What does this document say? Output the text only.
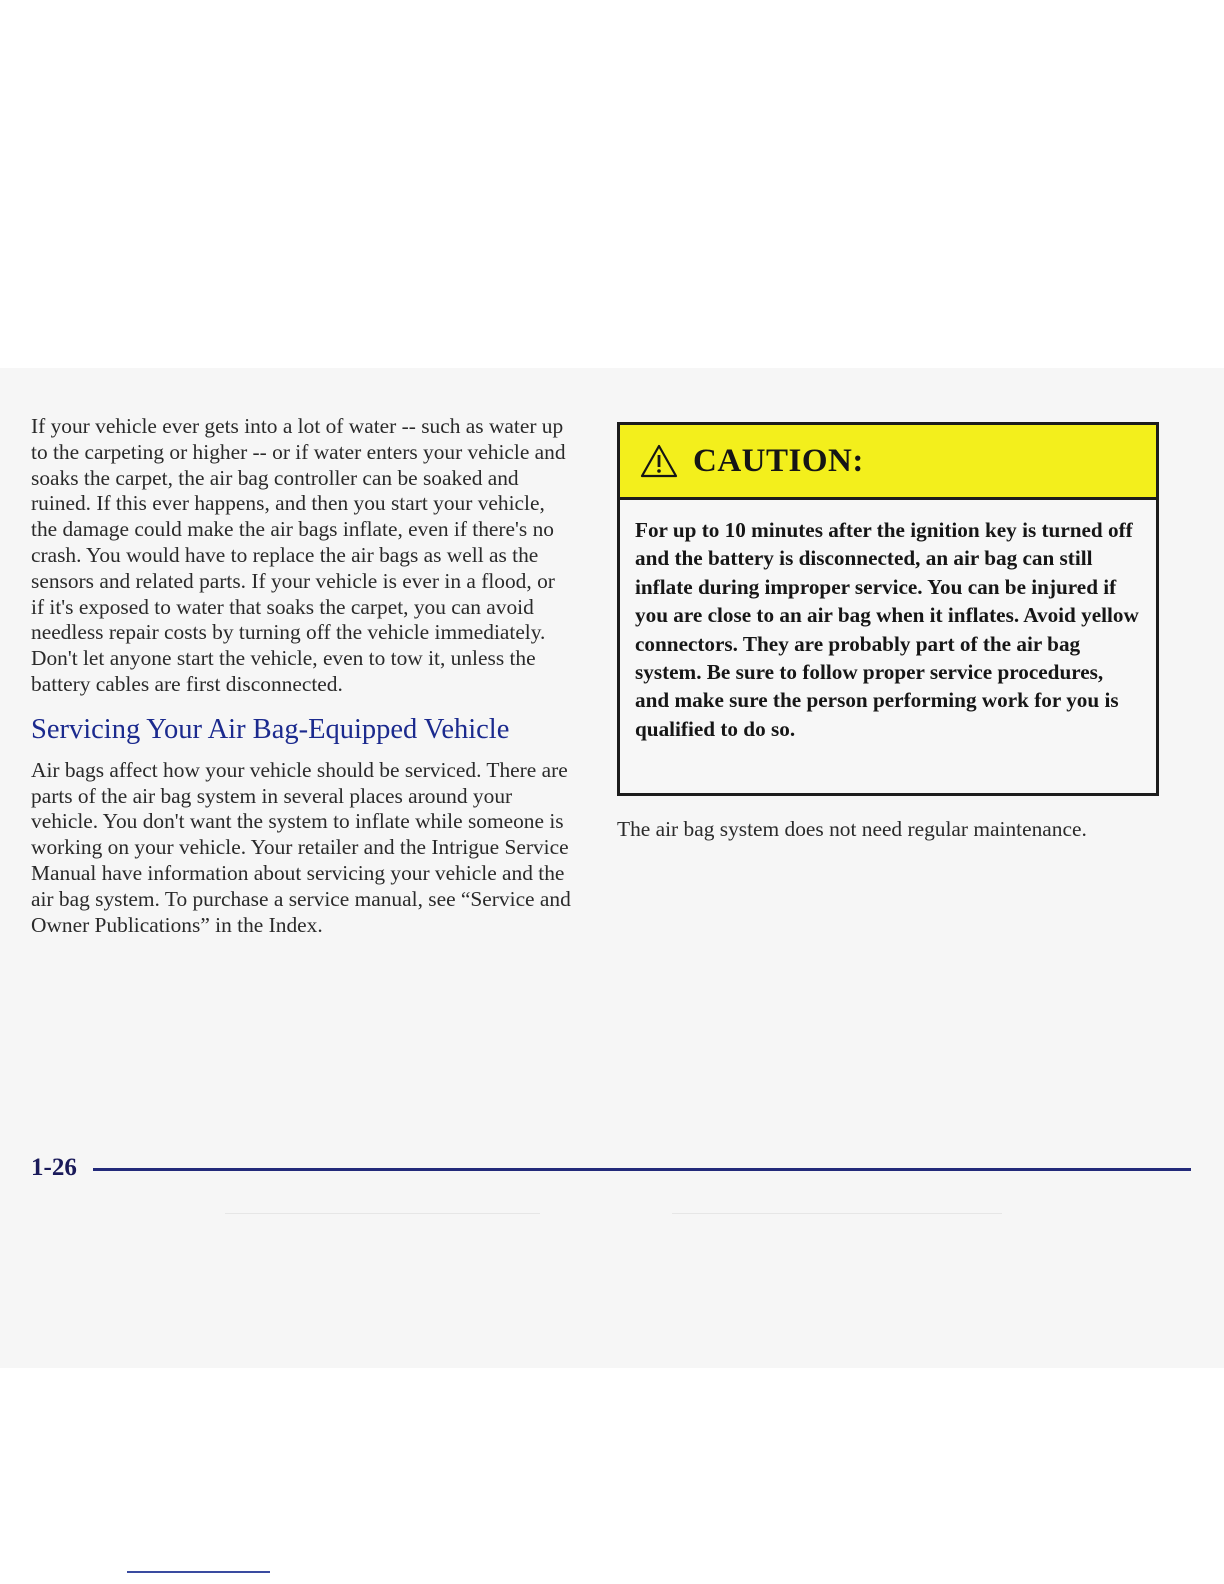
If your vehicle ever gets into a lot of water -- such as water up to the carpeting or higher -- or if water enters your vehicle and soaks the carpet, the air bag controller can be soaked and ruined. If this ever happens, and then you start your vehicle, the damage could make the air bags inflate, even if there's no crash. You would have to replace the air bags as well as the sensors and related parts. If your vehicle is ever in a flood, or if it's exposed to water that soaks the carpet, you can avoid needless repair costs by turning off the vehicle immediately. Don't let anyone start the vehicle, even to tow it, unless the battery cables are first disconnected.

Servicing Your Air Bag-Equipped Vehicle

Air bags affect how your vehicle should be serviced. There are parts of the air bag system in several places around your vehicle. You don't want the system to inflate while someone is working on your vehicle. Your retailer and the Intrigue Service Manual have information about servicing your vehicle and the air bag system. To purchase a service manual, see “Service and Owner Publications” in the Index.

CAUTION:

For up to 10 minutes after the ignition key is turned off and the battery is disconnected, an air bag can still inflate during improper service. You can be injured if you are close to an air bag when it inflates. Avoid yellow connectors. They are probably part of the air bag system. Be sure to follow proper service procedures, and make sure the person performing work for you is qualified to do so.

The air bag system does not need regular maintenance.

1-26
